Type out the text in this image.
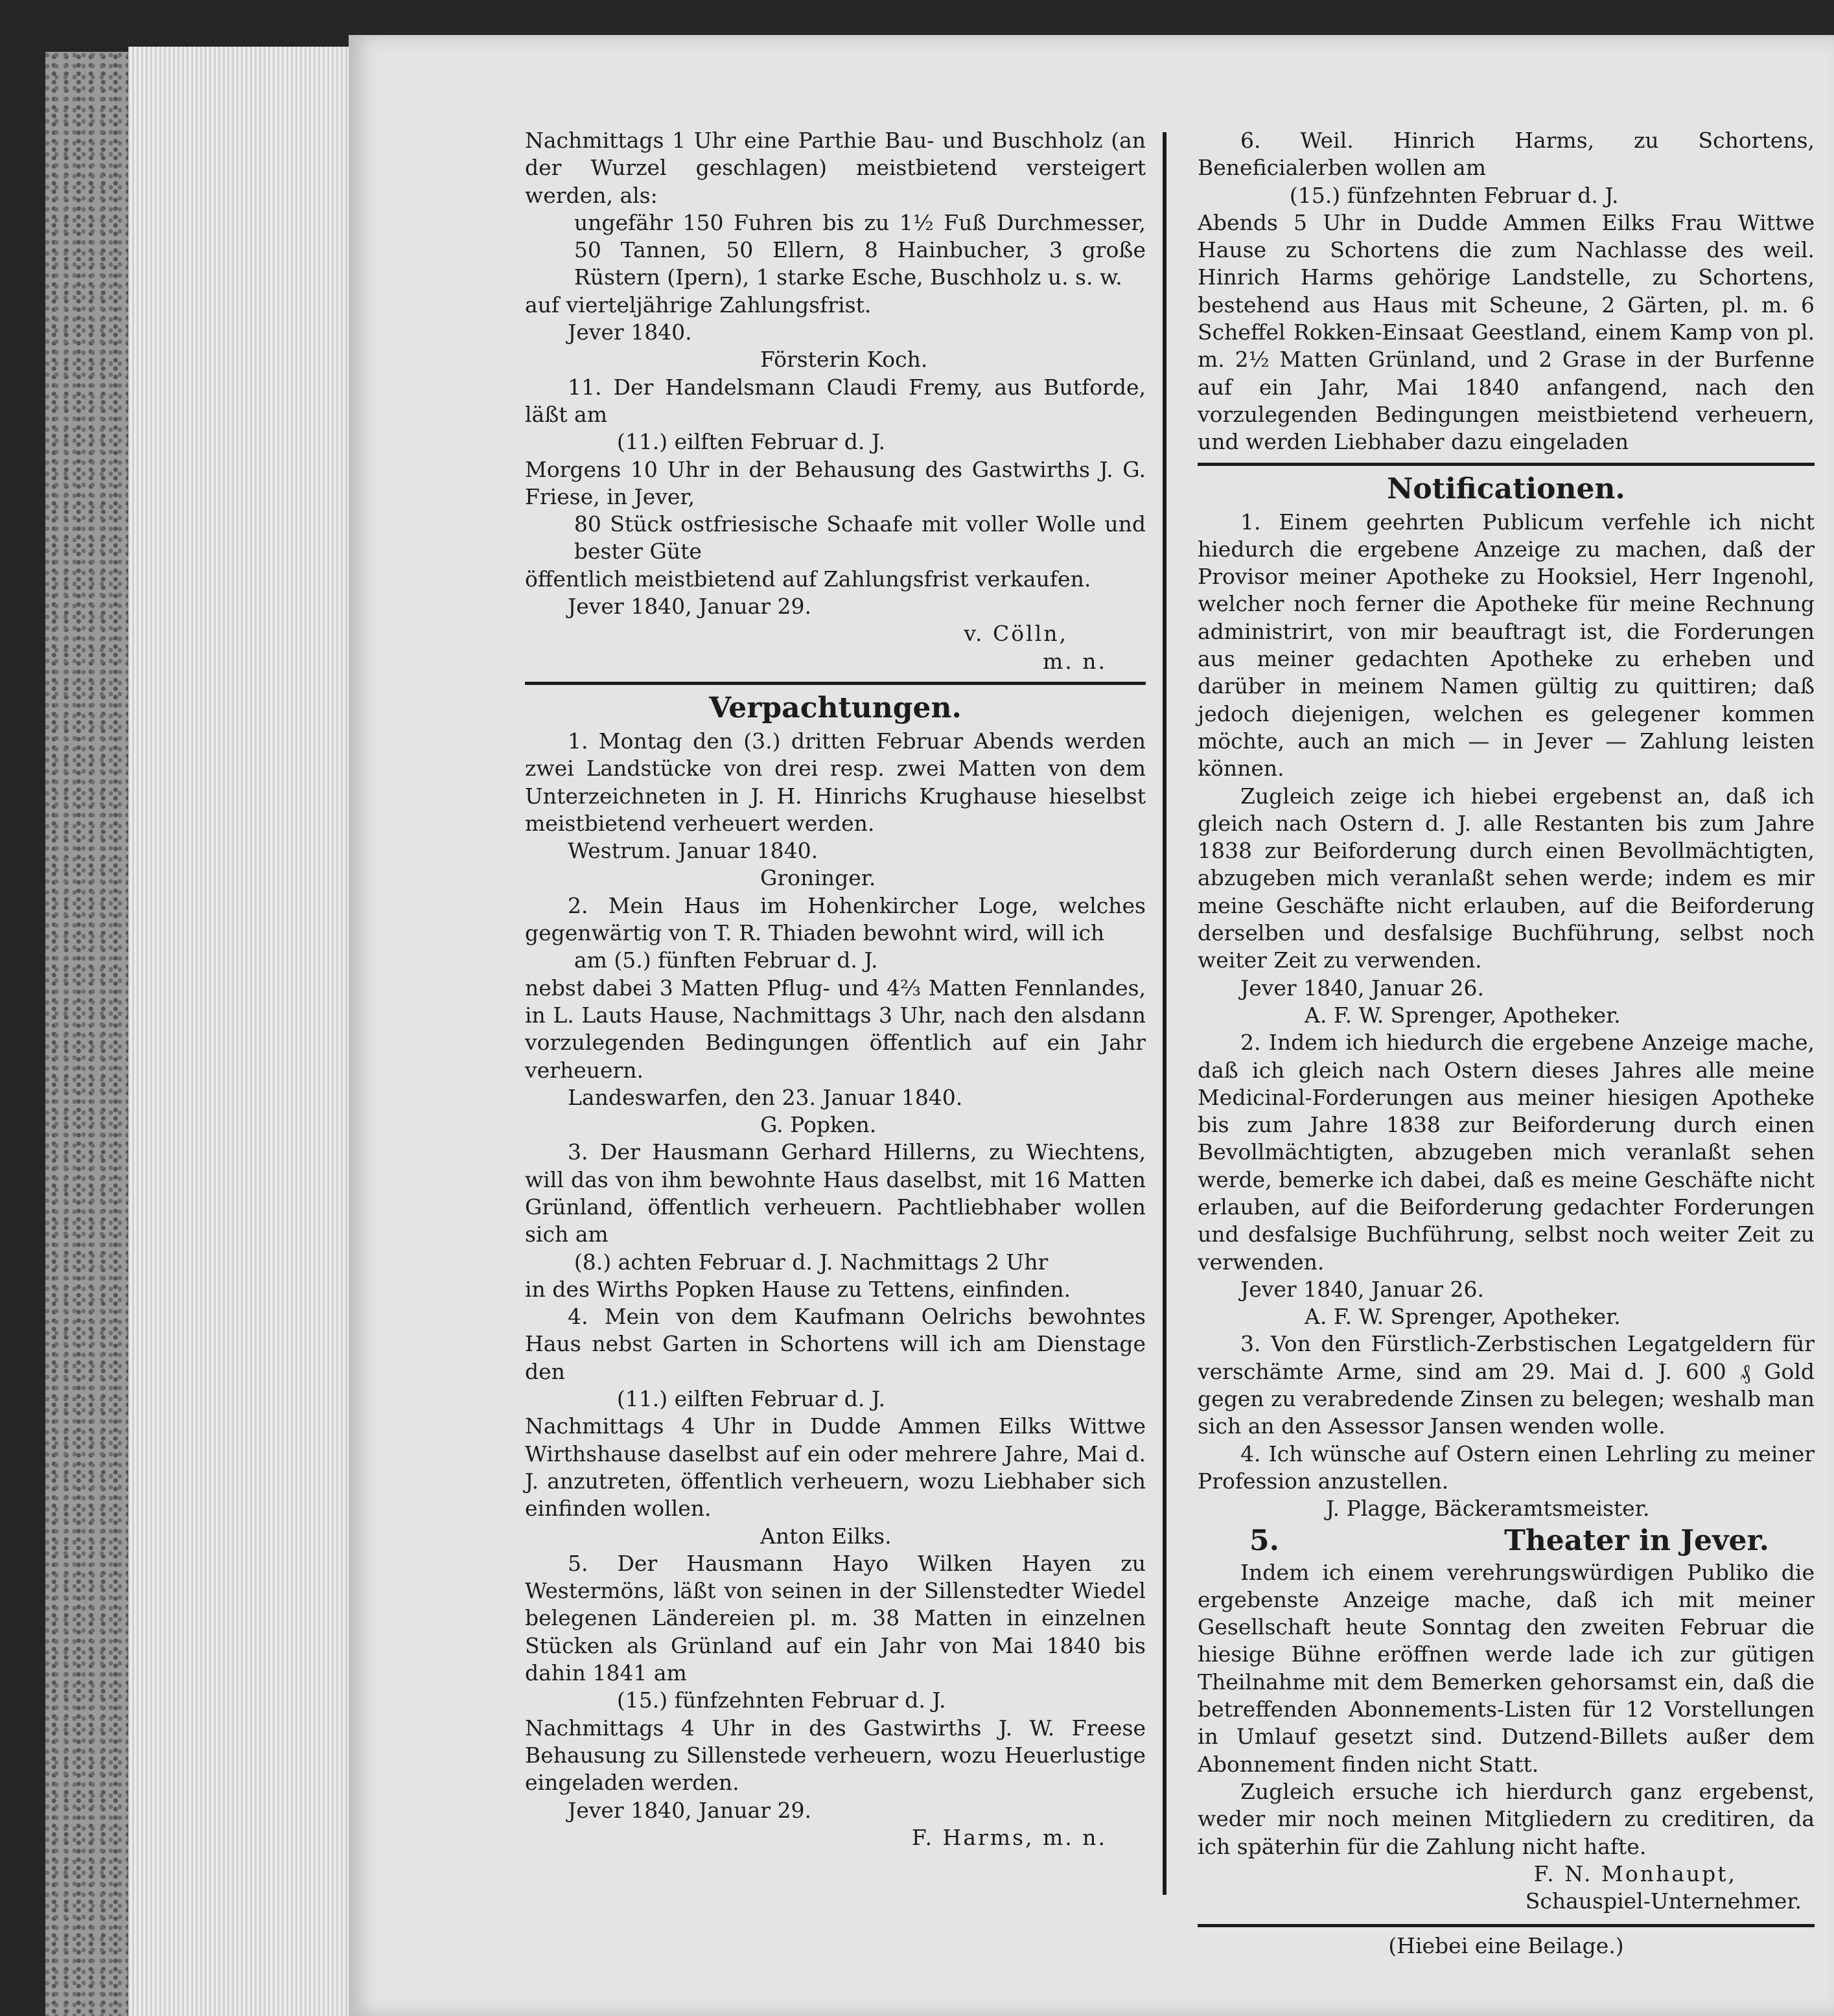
Nachmittags 1 Uhr eine Parthie Bau- und Buschholz (an der Wurzel geschlagen) meistbietend versteigert werden, als:

ungefähr 150 Fuhren bis zu 1½ Fuß Durchmesser, 50 Tannen, 50 Ellern, 8 Hainbucher, 3 große Rüstern (Ipern), 1 starke Esche, Buschholz u. s. w.

auf vierteljährige Zahlungsfrist.

Jever 1840.

Försterin Koch.

11. Der Handelsmann Claudi Fremy, aus Butforde, läßt am

(11.) eilften Februar d. J.

Morgens 10 Uhr in der Behausung des Gastwirths J. G. Friese, in Jever,

80 Stück ostfriesische Schaafe mit voller Wolle und bester Güte

öffentlich meistbietend auf Zahlungsfrist verkaufen.

Jever 1840, Januar 29.

v. Cölln,

m. n.

Verpachtungen.

1. Montag den (3.) dritten Februar Abends werden zwei Landstücke von drei resp. zwei Matten von dem Unterzeichneten in J. H. Hinrichs Krughause hieselbst meistbietend verheuert werden.

Westrum. Januar 1840.

Groninger.

2. Mein Haus im Hohenkircher Loge, welches gegenwärtig von T. R. Thiaden bewohnt wird, will ich

am (5.) fünften Februar d. J.

nebst dabei 3 Matten Pflug- und 4⅔ Matten Fennlandes, in L. Lauts Hause, Nachmittags 3 Uhr, nach den alsdann vorzulegenden Bedingungen öffentlich auf ein Jahr verheuern.

Landeswarfen, den 23. Januar 1840.

G. Popken.

3. Der Hausmann Gerhard Hillerns, zu Wiechtens, will das von ihm bewohnte Haus daselbst, mit 16 Matten Grünland, öffentlich verheuern. Pachtliebhaber wollen sich am

(8.) achten Februar d. J. Nachmittags 2 Uhr

in des Wirths Popken Hause zu Tettens, einfinden.

4. Mein von dem Kaufmann Oelrichs bewohntes Haus nebst Garten in Schortens will ich am Dienstage den

(11.) eilften Februar d. J.

Nachmittags 4 Uhr in Dudde Ammen Eilks Wittwe Wirthshause daselbst auf ein oder mehrere Jahre, Mai d. J. anzutreten, öffentlich verheuern, wozu Liebhaber sich einfinden wollen.

Anton Eilks.

5. Der Hausmann Hayo Wilken Hayen zu Westermöns, läßt von seinen in der Sillenstedter Wiedel belegenen Ländereien pl. m. 38 Matten in einzelnen Stücken als Grünland auf ein Jahr von Mai 1840 bis dahin 1841 am

(15.) fünfzehnten Februar d. J.

Nachmittags 4 Uhr in des Gastwirths J. W. Freese Behausung zu Sillenstede verheuern, wozu Heuerlustige eingeladen werden.

Jever 1840, Januar 29.

F. Harms, m. n.

6. Weil. Hinrich Harms, zu Schortens, Beneficialerben wollen am

(15.) fünfzehnten Februar d. J.

Abends 5 Uhr in Dudde Ammen Eilks Frau Wittwe Hause zu Schortens die zum Nachlasse des weil. Hinrich Harms gehörige Landstelle, zu Schortens, bestehend aus Haus mit Scheune, 2 Gärten, pl. m. 6 Scheffel Rokken-Einsaat Geestland, einem Kamp von pl. m. 2½ Matten Grünland, und 2 Grase in der Burfenne auf ein Jahr, Mai 1840 anfangend, nach den vorzulegenden Bedingungen meistbietend verheuern, und werden Liebhaber dazu eingeladen

Notificationen.

1. Einem geehrten Publicum verfehle ich nicht hiedurch die ergebene Anzeige zu machen, daß der Provisor meiner Apotheke zu Hooksiel, Herr Ingenohl, welcher noch ferner die Apotheke für meine Rechnung administrirt, von mir beauftragt ist, die Forderungen aus meiner gedachten Apotheke zu erheben und darüber in meinem Namen gültig zu quittiren; daß jedoch diejenigen, welchen es gelegener kommen möchte, auch an mich — in Jever — Zahlung leisten können.

Zugleich zeige ich hiebei ergebenst an, daß ich gleich nach Ostern d. J. alle Restanten bis zum Jahre 1838 zur Beiforderung durch einen Bevollmächtigten, abzugeben mich veranlaßt sehen werde; indem es mir meine Geschäfte nicht erlauben, auf die Beiforderung derselben und desfalsige Buchführung, selbst noch weiter Zeit zu verwenden.

Jever 1840, Januar 26.

A. F. W. Sprenger, Apotheker.

2. Indem ich hiedurch die ergebene Anzeige mache, daß ich gleich nach Ostern dieses Jahres alle meine Medicinal-Forderungen aus meiner hiesigen Apotheke bis zum Jahre 1838 zur Beiforderung durch einen Bevollmächtigten, abzugeben mich veranlaßt sehen werde, bemerke ich dabei, daß es meine Geschäfte nicht erlauben, auf die Beiforderung gedachter Forderungen und desfalsige Buchführung, selbst noch weiter Zeit zu verwenden.

Jever 1840, Januar 26.

A. F. W. Sprenger, Apotheker.

3. Von den Fürstlich-Zerbstischen Legatgeldern für verschämte Arme, sind am 29. Mai d. J. 600 ₰ Gold gegen zu verabredende Zinsen zu belegen; weshalb man sich an den Assessor Jansen wenden wolle.

4. Ich wünsche auf Ostern einen Lehrling zu meiner Profession anzustellen.

J. Plagge, Bäckeramtsmeister.

5.	Theater in Jever.

Indem ich einem verehrungswürdigen Publiko die ergebenste Anzeige mache, daß ich mit meiner Gesellschaft heute Sonntag den zweiten Februar die hiesige Bühne eröffnen werde lade ich zur gütigen Theilnahme mit dem Bemerken gehorsamst ein, daß die betreffenden Abonnements-Listen für 12 Vorstellungen in Umlauf gesetzt sind. Dutzend-Billets außer dem Abonnement finden nicht Statt.

Zugleich ersuche ich hierdurch ganz ergebenst, weder mir noch meinen Mitgliedern zu creditiren, da ich späterhin für die Zahlung nicht hafte.

F. N. Monhaupt,

Schauspiel-Unternehmer.

(Hiebei eine Beilage.)
